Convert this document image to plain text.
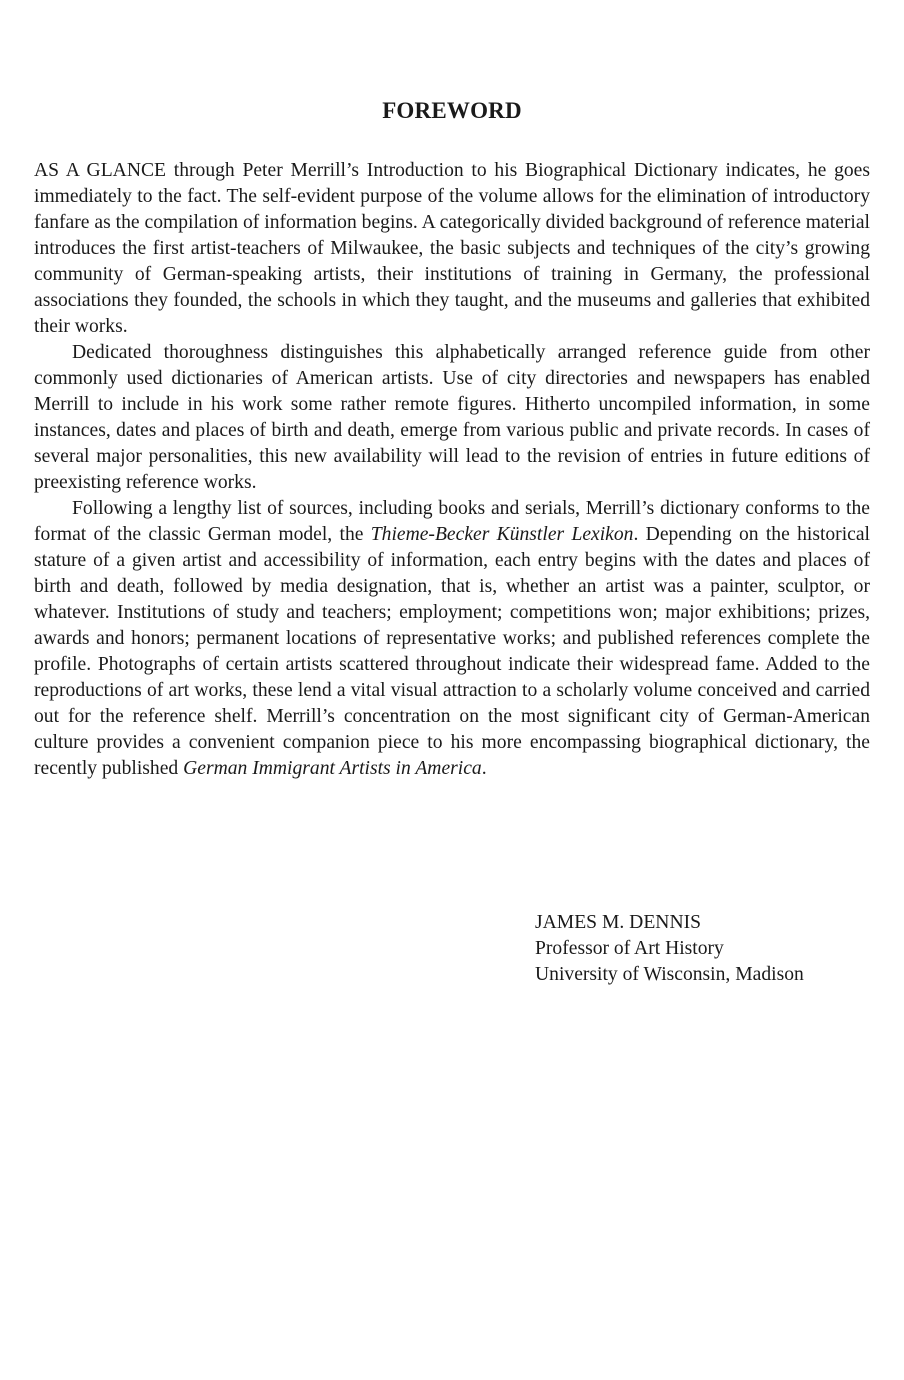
FOREWORD

AS A GLANCE through Peter Merrill’s Introduction to his Biographical Dictionary indicates, he goes immediately to the fact. The self-evident purpose of the volume allows for the elimination of introductory fanfare as the compilation of information begins. A categorically divided background of reference material introduces the first artist-teachers of Milwaukee, the basic subjects and techniques of the city’s growing community of German-speaking artists, their institutions of training in Germany, the professional associations they founded, the schools in which they taught, and the museums and galleries that exhibited their works.

Dedicated thoroughness distinguishes this alphabetically arranged reference guide from other commonly used dictionaries of American artists. Use of city directories and newspapers has enabled Merrill to include in his work some rather remote figures. Hitherto uncompiled information, in some instances, dates and places of birth and death, emerge from various public and private records. In cases of several major personalities, this new availability will lead to the revision of entries in future editions of preexisting reference works.

Following a lengthy list of sources, including books and serials, Merrill’s dictionary conforms to the format of the classic German model, the Thieme-Becker Künstler Lexikon. Depending on the historical stature of a given artist and accessibility of information, each entry begins with the dates and places of birth and death, followed by media designation, that is, whether an artist was a painter, sculptor, or whatever. Institutions of study and teachers; employment; competitions won; major exhibitions; prizes, awards and honors; permanent locations of representative works; and published references complete the profile. Photographs of certain artists scattered throughout indicate their widespread fame. Added to the reproductions of art works, these lend a vital visual attraction to a scholarly volume conceived and carried out for the reference shelf. Merrill’s concentration on the most significant city of German-American culture provides a convenient companion piece to his more encompassing biographical dictionary, the recently published German Immigrant Artists in America.

JAMES M. DENNIS
Professor of Art History
University of Wisconsin, Madison
